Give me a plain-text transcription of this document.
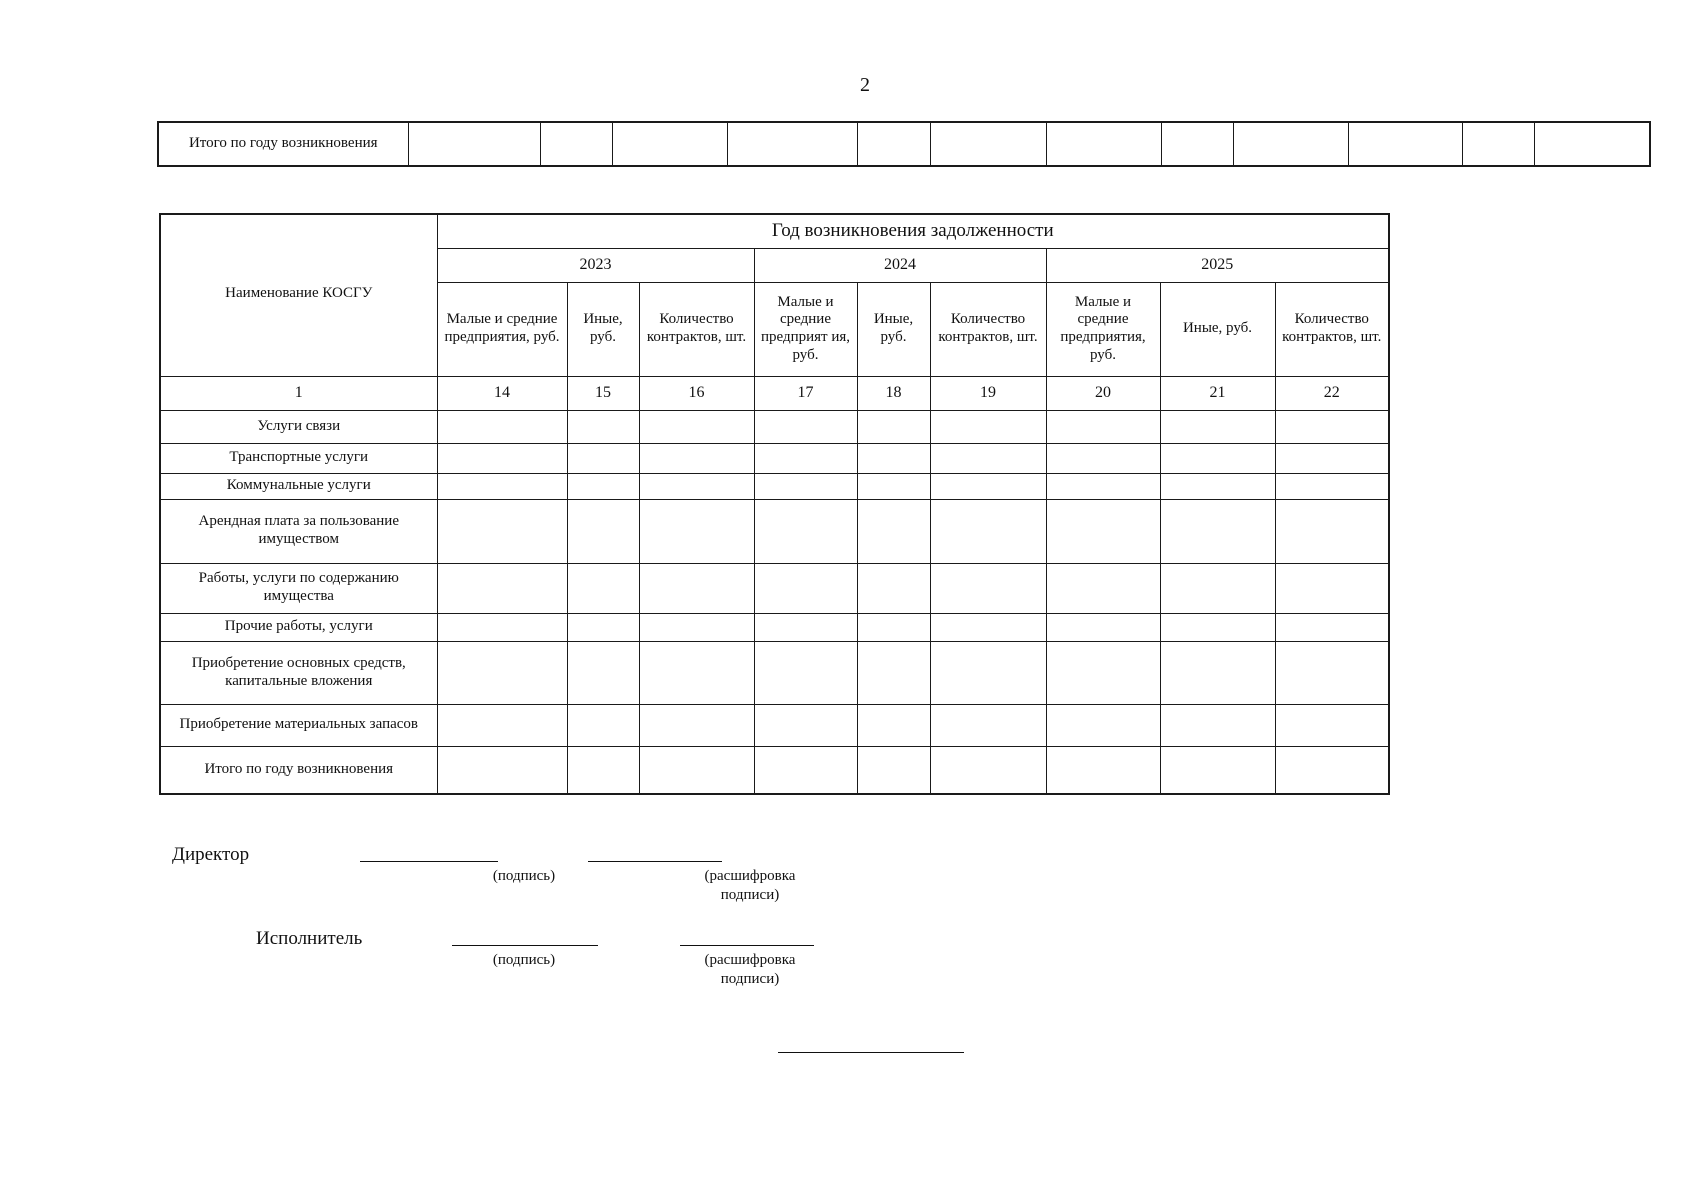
2
Итого по году возникновения												
Наименование КОСГУ	Год возникновения задолженности								
	2023			2024			2025		
	Малые и средние предприятия, руб.	Иные, руб.	Количество контрактов, шт.	Малые и средние предприят ия, руб.	Иные, руб.	Количество контрактов, шт.	Малые и средние предприятия, руб.	Иные, руб.	Количество контрактов, шт.
1	14	15	16	17	18	19	20	21	22
Услуги связи									
Транспортные услуги									
Коммунальные услуги									
Арендная плата за пользование имуществом									
Работы, услуги по содержанию имущества									
Прочие работы, услуги									
Приобретение основных средств, капитальные вложения									
Приобретение материальных запасов									
Итого по году возникновения									
Директор
(подпись)	(расшифровка
подписи)
Исполнитель
(подпись)	(расшифровка
подписи)
